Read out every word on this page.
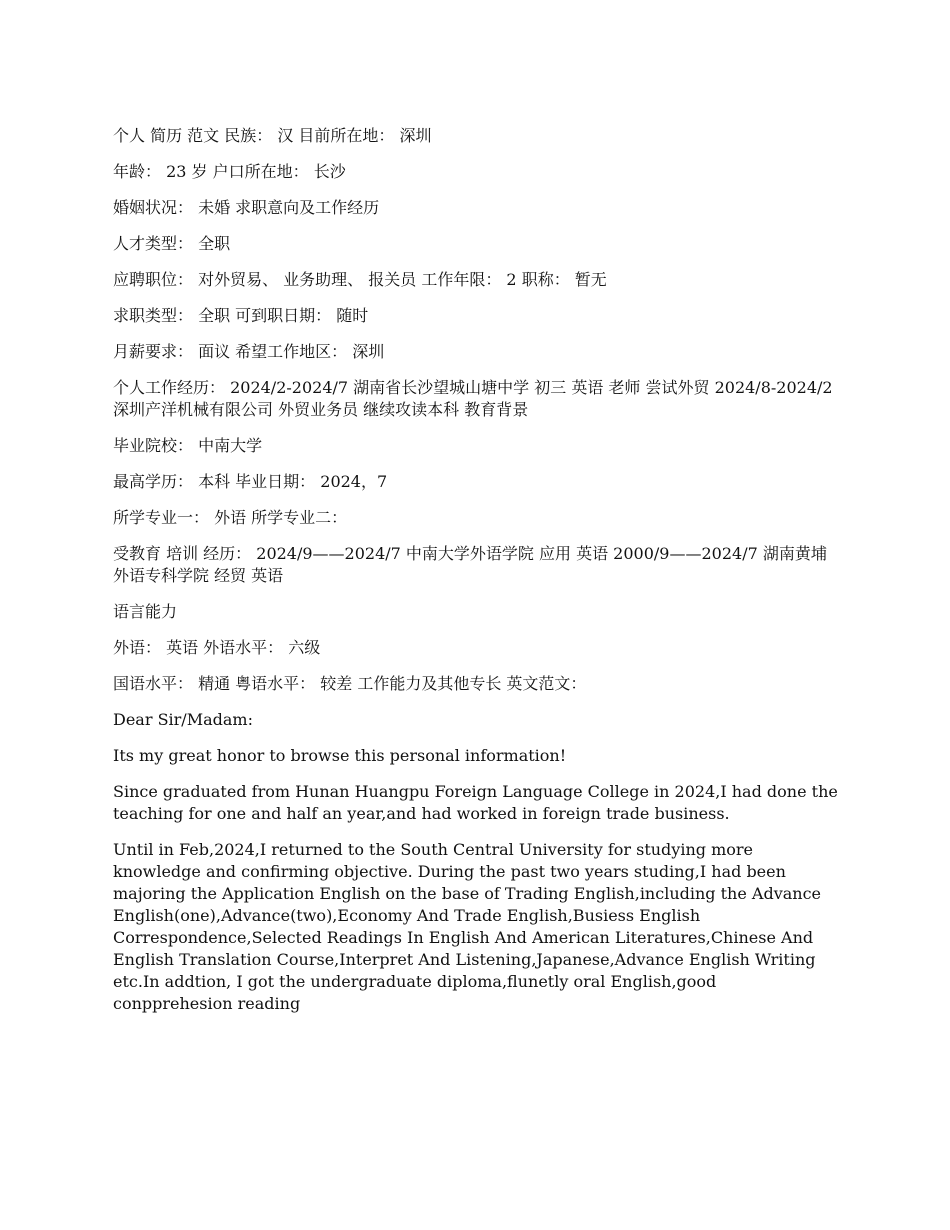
个人 简历 范文 民族： 汉 目前所在地： 深圳

年龄： 23 岁 户口所在地： 长沙

婚姻状况： 未婚 求职意向及工作经历

人才类型： 全职

应聘职位： 对外贸易、 业务助理、 报关员 工作年限： 2 职称： 暂无

求职类型： 全职 可到职日期： 随时

月薪要求： 面议 希望工作地区： 深圳

个人工作经历： 2024/2-2024/7 湖南省长沙望城山塘中学 初三 英语 老师 尝试外贸 2024/8-2024/2 深圳产洋机械有限公司 外贸业务员 继续攻读本科 教育背景

毕业院校： 中南大学

最高学历： 本科 毕业日期： 2024，7

所学专业一： 外语 所学专业二：

受教育 培训 经历： 2024/9——2024/7 中南大学外语学院 应用 英语 2000/9——2024/7 湖南黄埔外语专科学院 经贸 英语

语言能力

外语： 英语 外语水平： 六级

国语水平： 精通 粤语水平： 较差 工作能力及其他专长 英文范文：

Dear Sir/Madam:

Its my great honor to browse this personal information!

Since graduated from Hunan Huangpu Foreign Language College in 2024,I had done the teaching for one and half an year,and had worked in foreign trade business.

Until in Feb,2024,I returned to the South Central University for studying more knowledge and confirming objective. During the past two years studing,I had been majoring the Application English on the base of Trading English,including the Advance English(one),Advance(two),Economy And Trade English,Busiess English Correspondence,Selected Readings In English And American Literatures,Chinese And English Translation Course,Interpret And Listening,Japanese,Advance English Writing etc.In addtion, I got the undergraduate diploma,flunetly oral English,good conpprehesion reading
